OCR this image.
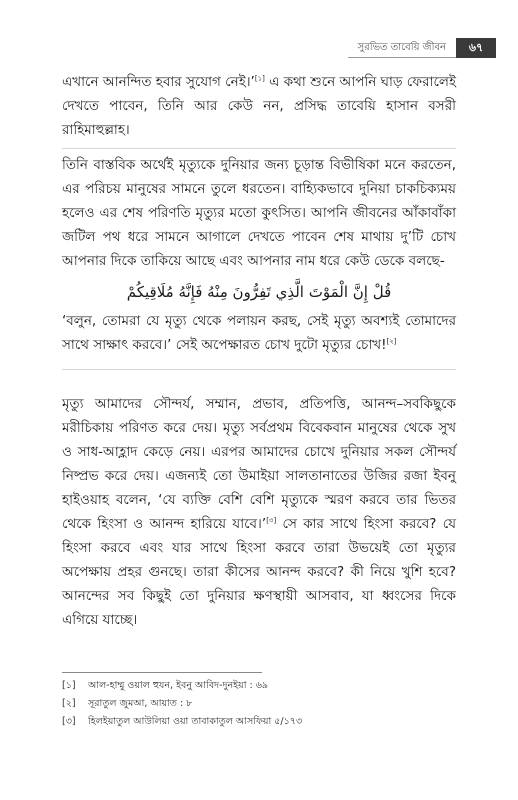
সুরভিত তাবেয়ি জীবন	৬৭

এখানে আনন্দিত হবার সুযোগ নেই।’[১] এ কথা শুনে আপনি ঘাড় ফেরালেই দেখতে পাবেন, তিনি আর কেউ নন, প্রসিদ্ধ তাবেয়ি হাসান বসরী রাহিমাহুল্লাহ।

তিনি বাস্তবিক অর্থেই মৃত্যুকে দুনিয়ার জন্য চূড়ান্ত বিভীষিকা মনে করতেন, এর পরিচয় মানুষের সামনে তুলে ধরতেন। বাহ্যিকভাবে দুনিয়া চাকচিক্যময় হলেও এর শেষ পরিণতি মৃত্যুর মতো কুৎসিত। আপনি জীবনের আঁকাবাঁকা জটিল পথ ধরে সামনে আগালে দেখতে পাবেন শেষ মাথায় দু’টি চোখ আপনার দিকে তাকিয়ে আছে এবং আপনার নাম ধরে কেউ ডেকে বলছে-

قُلْ إِنَّ الْمَوْتَ الَّذِي تَفِرُّونَ مِنْهُ فَإِنَّهُ مُلَاقِيكُمْ

‘বলুন, তোমরা যে মৃত্যু থেকে পলায়ন করছ, সেই মৃত্যু অবশ্যই তোমাদের সাথে সাক্ষাৎ করবে।’ সেই অপেক্ষারত চোখ দুটো মৃত্যুর চোখ![২]

মৃত্যু আমাদের সৌন্দর্য, সম্মান, প্রভাব, প্রতিপত্তি, আনন্দ–সবকিছুকে মরীচিকায় পরিণত করে দেয়। মৃত্যু সর্বপ্রথম বিবেকবান মানুষের থেকে সুখ ও সাধ-আহ্লাদ কেড়ে নেয়। এরপর আমাদের চোখে দুনিয়ার সকল সৌন্দর্য নিষ্প্রভ করে দেয়। এজন্যই তো উমাইয়া সালতানাতের উজির রজা ইবনু হাইওয়াহ বলেন, ‘যে ব্যক্তি বেশি বেশি মৃত্যুকে স্মরণ করবে তার ভিতর থেকে হিংসা ও আনন্দ হারিয়ে যাবে।’[৩] সে কার সাথে হিংসা করবে? যে হিংসা করবে এবং যার সাথে হিংসা করবে তারা উভয়েই তো মৃত্যুর অপেক্ষায় প্রহর গুনছে। তারা কীসের আনন্দ করবে? কী নিয়ে খুশি হবে? আনন্দের সব কিছুই তো দুনিয়ার ক্ষণস্থায়ী আসবাব, যা ধ্বংসের দিকে এগিয়ে যাচ্ছে।

[১]	আল-হাম্মু ওয়াল হুযন, ইবনু আবিদ-দুনইয়া : ৬৯
[২]	সূরাতুল জুমআ, আয়াত : ৮
[৩]	হিলইয়াতুল আউলিয়া ওয়া তাবাকাতুল আসফিয়া ৫/১৭৩
